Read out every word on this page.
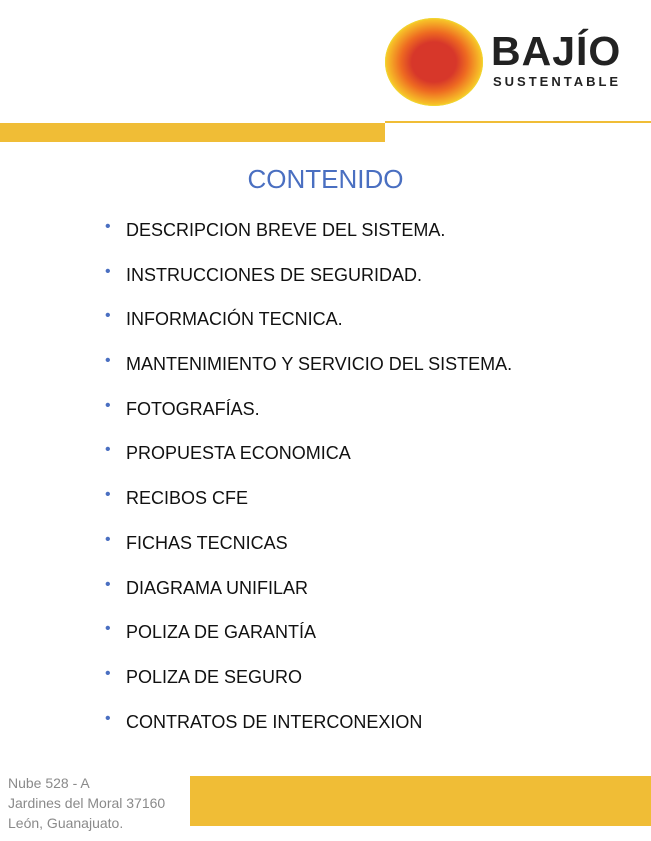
BAJÍO
SUSTENTABLE
CONTENIDO
• DESCRIPCION BREVE DEL SISTEMA.
• INSTRUCCIONES DE SEGURIDAD.
• INFORMACIÓN TECNICA.
• MANTENIMIENTO Y SERVICIO DEL SISTEMA.
• FOTOGRAFÍAS.
• PROPUESTA ECONOMICA
• RECIBOS CFE
• FICHAS TECNICAS
• DIAGRAMA UNIFILAR
• POLIZA DE GARANTÍA
• POLIZA DE SEGURO
• CONTRATOS DE INTERCONEXION
Nube 528 - A
Jardines del Moral 37160
León, Guanajuato.
